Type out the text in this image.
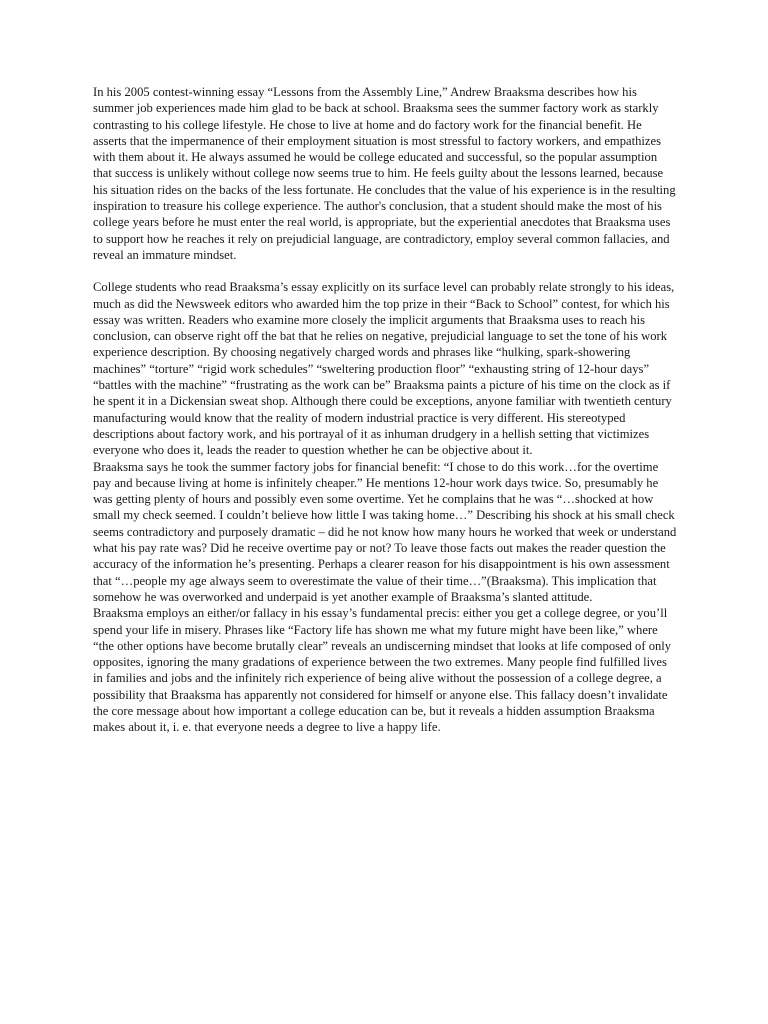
In his 2005 contest-winning essay “Lessons from the Assembly Line,” Andrew Braaksma describes how his summer job experiences made him glad to be back at school. Braaksma sees the summer factory work as starkly contrasting to his college lifestyle. He chose to live at home and do factory work for the financial benefit. He asserts that the impermanence of their employment situation is most stressful to factory workers, and empathizes with them about it. He always assumed he would be college educated and successful, so the popular assumption that success is unlikely without college now seems true to him. He feels guilty about the lessons learned, because his situation rides on the backs of the less fortunate. He concludes that the value of his experience is in the resulting inspiration to treasure his college experience. The author's conclusion, that a student should make the most of his college years before he must enter the real world, is appropriate, but the experiential anecdotes that Braaksma uses to support how he reaches it rely on prejudicial language, are contradictory, employ several common fallacies, and reveal an immature mindset.

College students who read Braaksma’s essay explicitly on its surface level can probably relate strongly to his ideas, much as did the Newsweek editors who awarded him the top prize in their “Back to School” contest, for which his essay was written. Readers who examine more closely the implicit arguments that Braaksma uses to reach his conclusion, can observe right off the bat that he relies on negative, prejudicial language to set the tone of his work experience description. By choosing negatively charged words and phrases like “hulking, spark-showering machines” “torture” “rigid work schedules” “sweltering production floor” “exhausting string of 12-hour days” “battles with the machine” “frustrating as the work can be” Braaksma paints a picture of his time on the clock as if he spent it in a Dickensian sweat shop. Although there could be exceptions, anyone familiar with twentieth century manufacturing would know that the reality of modern industrial practice is very different. His stereotyped descriptions about factory work, and his portrayal of it as inhuman drudgery in a hellish setting that victimizes everyone who does it, leads the reader to question whether he can be objective about it.

Braaksma says he took the summer factory jobs for financial benefit: “I chose to do this work…for the overtime pay and because living at home is infinitely cheaper.” He mentions 12-hour work days twice. So, presumably he was getting plenty of hours and possibly even some overtime. Yet he complains that he was “…shocked at how small my check seemed. I couldn’t believe how little I was taking home…” Describing his shock at his small check seems contradictory and purposely dramatic – did he not know how many hours he worked that week or understand what his pay rate was? Did he receive overtime pay or not? To leave those facts out makes the reader question the accuracy of the information he’s presenting. Perhaps a clearer reason for his disappointment is his own assessment that “…people my age always seem to overestimate the value of their time…”(Braaksma). This implication that somehow he was overworked and underpaid is yet another example of Braaksma’s slanted attitude.

Braaksma employs an either/or fallacy in his essay’s fundamental precis: either you get a college degree, or you’ll spend your life in misery. Phrases like “Factory life has shown me what my future might have been like,” where “the other options have become brutally clear” reveals an undiscerning mindset that looks at life composed of only opposites, ignoring the many gradations of experience between the two extremes. Many people find fulfilled lives in families and jobs and the infinitely rich experience of being alive without the possession of a college degree, a possibility that Braaksma has apparently not considered for himself or anyone else. This fallacy doesn’t invalidate the core message about how important a college education can be, but it reveals a hidden assumption Braaksma makes about it, i. e. that everyone needs a degree to live a happy life.
